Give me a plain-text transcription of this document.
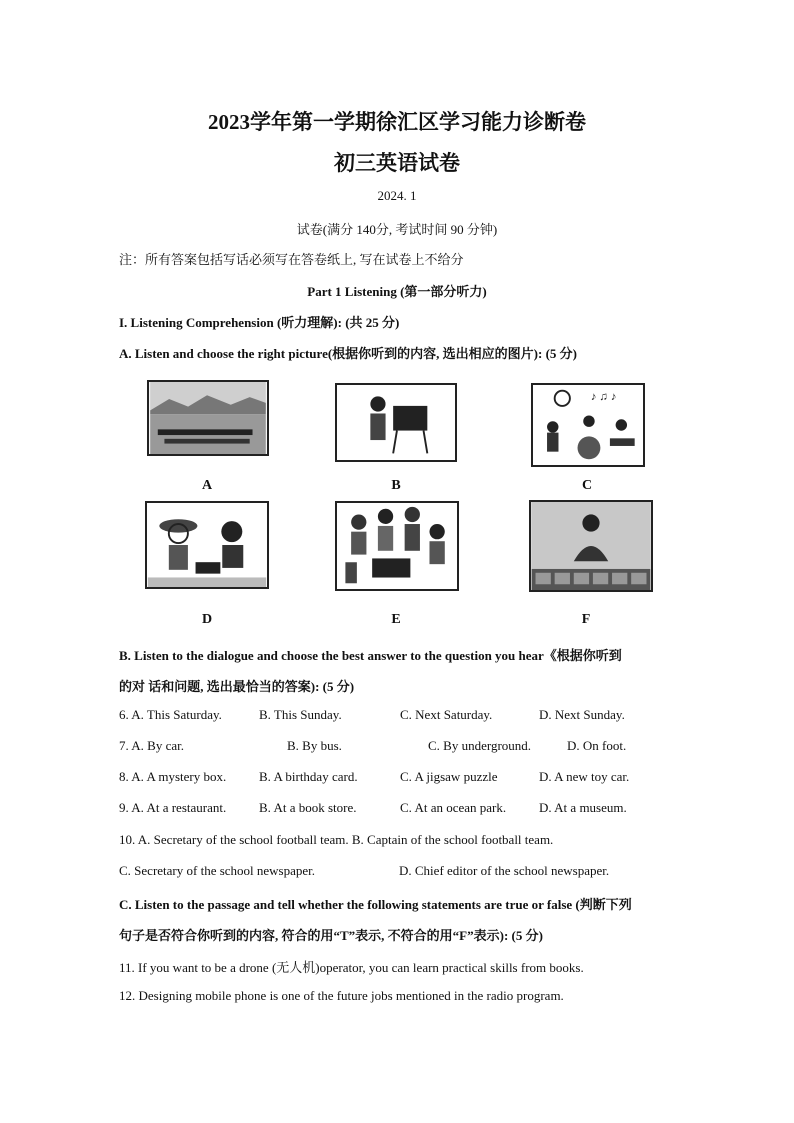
2023学年第一学期徐汇区学习能力诊断卷
初三英语试卷
2024. 1
试卷(满分 140分, 考试时间 90 分钟)
注：所有答案包括写话必须写在答卷纸上, 写在试卷上不给分
Part 1 Listening (第一部分听力)
I. Listening Comprehension (听力理解): (共 25 分)
A. Listen and choose the right picture(根据你听到的内容, 选出相应的图片): (5 分)
A	B
♪ ♫ ♪
C
D	E	F
B. Listen to the dialogue and choose the best answer to the question you hear《根据你听到
的对 话和问题, 选出最恰当的答案): (5 分)
6. A. This Saturday.	B. This Sunday.	C. Next Saturday.	D. Next Sunday.
7. A. By car.	B. By bus.	C. By underground.	D. On foot.
8. A. A mystery box.	B. A birthday card.	C. A jigsaw puzzle	D. A new toy car.
9. A. At a restaurant.	B. At a book store.	C. At an ocean park.	D. At a museum.
10. A. Secretary of the school football team. B. Captain of the school football team.
C. Secretary of the school newspaper.	D. Chief editor of the school newspaper.
C. Listen to the passage and tell whether the following statements are true or false (判断下列
句子是否符合你听到的内容, 符合的用“T”表示, 不符合的用“F”表示): (5 分)
11. If you want to be a drone (无人机)operator, you can learn practical skills from books.
12. Designing mobile phone is one of the future jobs mentioned in the radio program.
